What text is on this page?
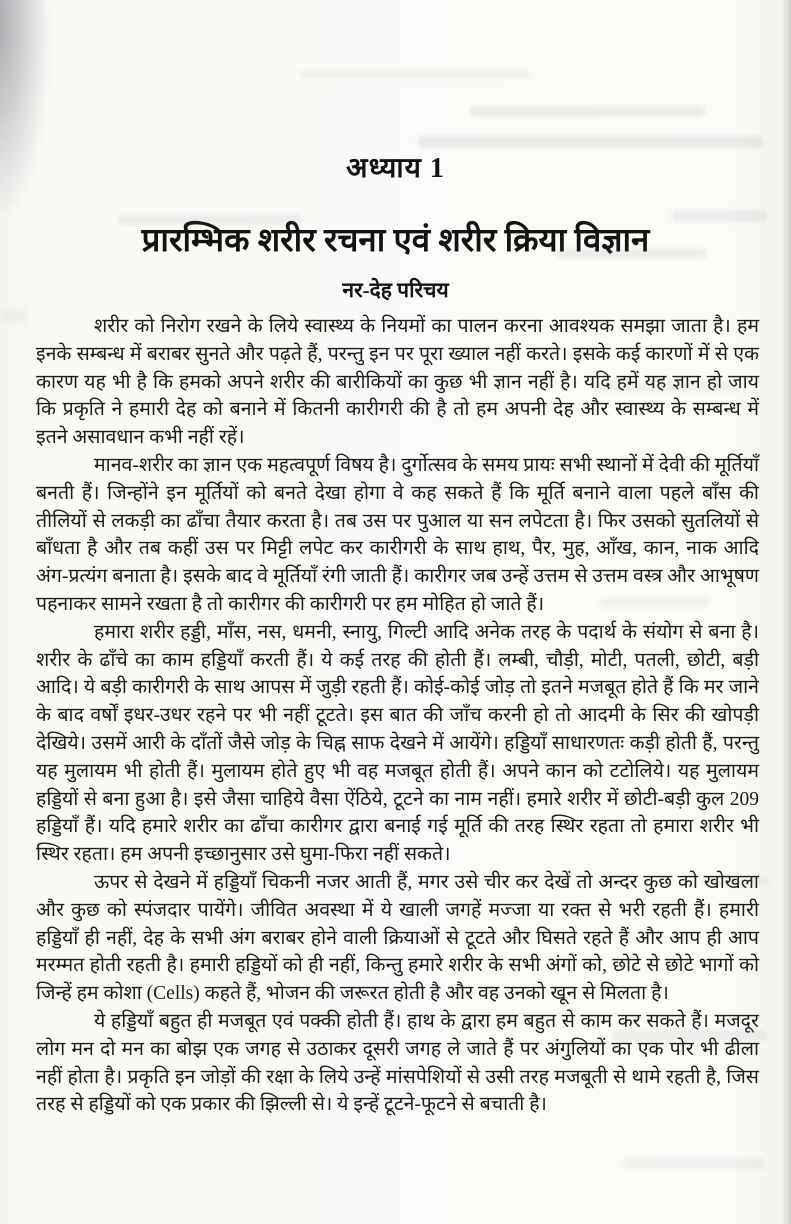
अध्याय 1
प्रारम्भिक शरीर रचना एवं शरीर क्रिया विज्ञान
नर-देह परिचय

शरीर को निरोग रखने के लिये स्वास्थ्य के नियमों का पालन करना आवश्यक समझा जाता है। हम इनके सम्बन्ध में बराबर सुनते और पढ़ते हैं, परन्तु इन पर पूरा ख्याल नहीं करते। इसके कई कारणों में से एक कारण यह भी है कि हमको अपने शरीर की बारीकियों का कुछ भी ज्ञान नहीं है। यदि हमें यह ज्ञान हो जाय कि प्रकृति ने हमारी देह को बनाने में कितनी कारीगरी की है तो हम अपनी देह और स्वास्थ्य के सम्बन्ध में इतने असावधान कभी नहीं रहें।

मानव-शरीर का ज्ञान एक महत्वपूर्ण विषय है। दुर्गोत्सव के समय प्रायः सभी स्थानों में देवी की मूर्तियाँ बनती हैं। जिन्होंने इन मूर्तियों को बनते देखा होगा वे कह सकते हैं कि मूर्ति बनाने वाला पहले बाँस की तीलियों से लकड़ी का ढाँचा तैयार करता है। तब उस पर पुआल या सन लपेटता है। फिर उसको सुतलियों से बाँधता है और तब कहीं उस पर मिट्टी लपेट कर कारीगरी के साथ हाथ, पैर, मुह, आँख, कान, नाक आदि अंग-प्रत्यंग बनाता है। इसके बाद वे मूर्तियाँ रंगी जाती हैं। कारीगर जब उन्हें उत्तम से उत्तम वस्त्र और आभूषण पहनाकर सामने रखता है तो कारीगर की कारीगरी पर हम मोहित हो जाते हैं।

हमारा शरीर हड्डी, माँस, नस, धमनी, स्नायु, गिल्टी आदि अनेक तरह के पदार्थ के संयोग से बना है। शरीर के ढाँचे का काम हड्डियाँ करती हैं। ये कई तरह की होती हैं। लम्बी, चौड़ी, मोटी, पतली, छोटी, बड़ी आदि। ये बड़ी कारीगरी के साथ आपस में जुड़ी रहती हैं। कोई-कोई जोड़ तो इतने मजबूत होते हैं कि मर जाने के बाद वर्षों इधर-उधर रहने पर भी नहीं टूटते। इस बात की जाँच करनी हो तो आदमी के सिर की खोपड़ी देखिये। उसमें आरी के दाँतों जैसे जोड़ के चिह्न साफ देखने में आयेंगे। हड्डियाँ साधारणतः कड़ी होती हैं, परन्तु यह मुलायम भी होती हैं। मुलायम होते हुए भी वह मजबूत होती हैं। अपने कान को टटोलिये। यह मुलायम हड्डियों से बना हुआ है। इसे जैसा चाहिये वैसा ऐंठिये, टूटने का नाम नहीं। हमारे शरीर में छोटी-बड़ी कुल 209 हड्डियाँ हैं। यदि हमारे शरीर का ढाँचा कारीगर द्वारा बनाई गई मूर्ति की तरह स्थिर रहता तो हमारा शरीर भी स्थिर रहता। हम अपनी इच्छानुसार उसे घुमा-फिरा नहीं सकते।

ऊपर से देखने में हड्डियाँ चिकनी नजर आती हैं, मगर उसे चीर कर देखें तो अन्दर कुछ को खोखला और कुछ को स्पंजदार पायेंगे। जीवित अवस्था में ये खाली जगहें मज्जा या रक्त से भरी रहती हैं। हमारी हड्डियाँ ही नहीं, देह के सभी अंग बराबर होने वाली क्रियाओं से टूटते और घिसते रहते हैं और आप ही आप मरम्मत होती रहती है। हमारी हड्डियों को ही नहीं, किन्तु हमारे शरीर के सभी अंगों को, छोटे से छोटे भागों को जिन्हें हम कोशा (Cells) कहते हैं, भोजन की जरूरत होती है और वह उनको खून से मिलता है।

ये हड्डियाँ बहुत ही मजबूत एवं पक्की होती हैं। हाथ के द्वारा हम बहुत से काम कर सकते हैं। मजदूर लोग मन दो मन का बोझ एक जगह से उठाकर दूसरी जगह ले जाते हैं पर अंगुलियों का एक पोर भी ढीला नहीं होता है। प्रकृति इन जोड़ों की रक्षा के लिये उन्हें मांसपेशियों से उसी तरह मजबूती से थामे रहती है, जिस तरह से हड्डियों को एक प्रकार की झिल्ली से। ये इन्हें टूटने-फूटने से बचाती है।
